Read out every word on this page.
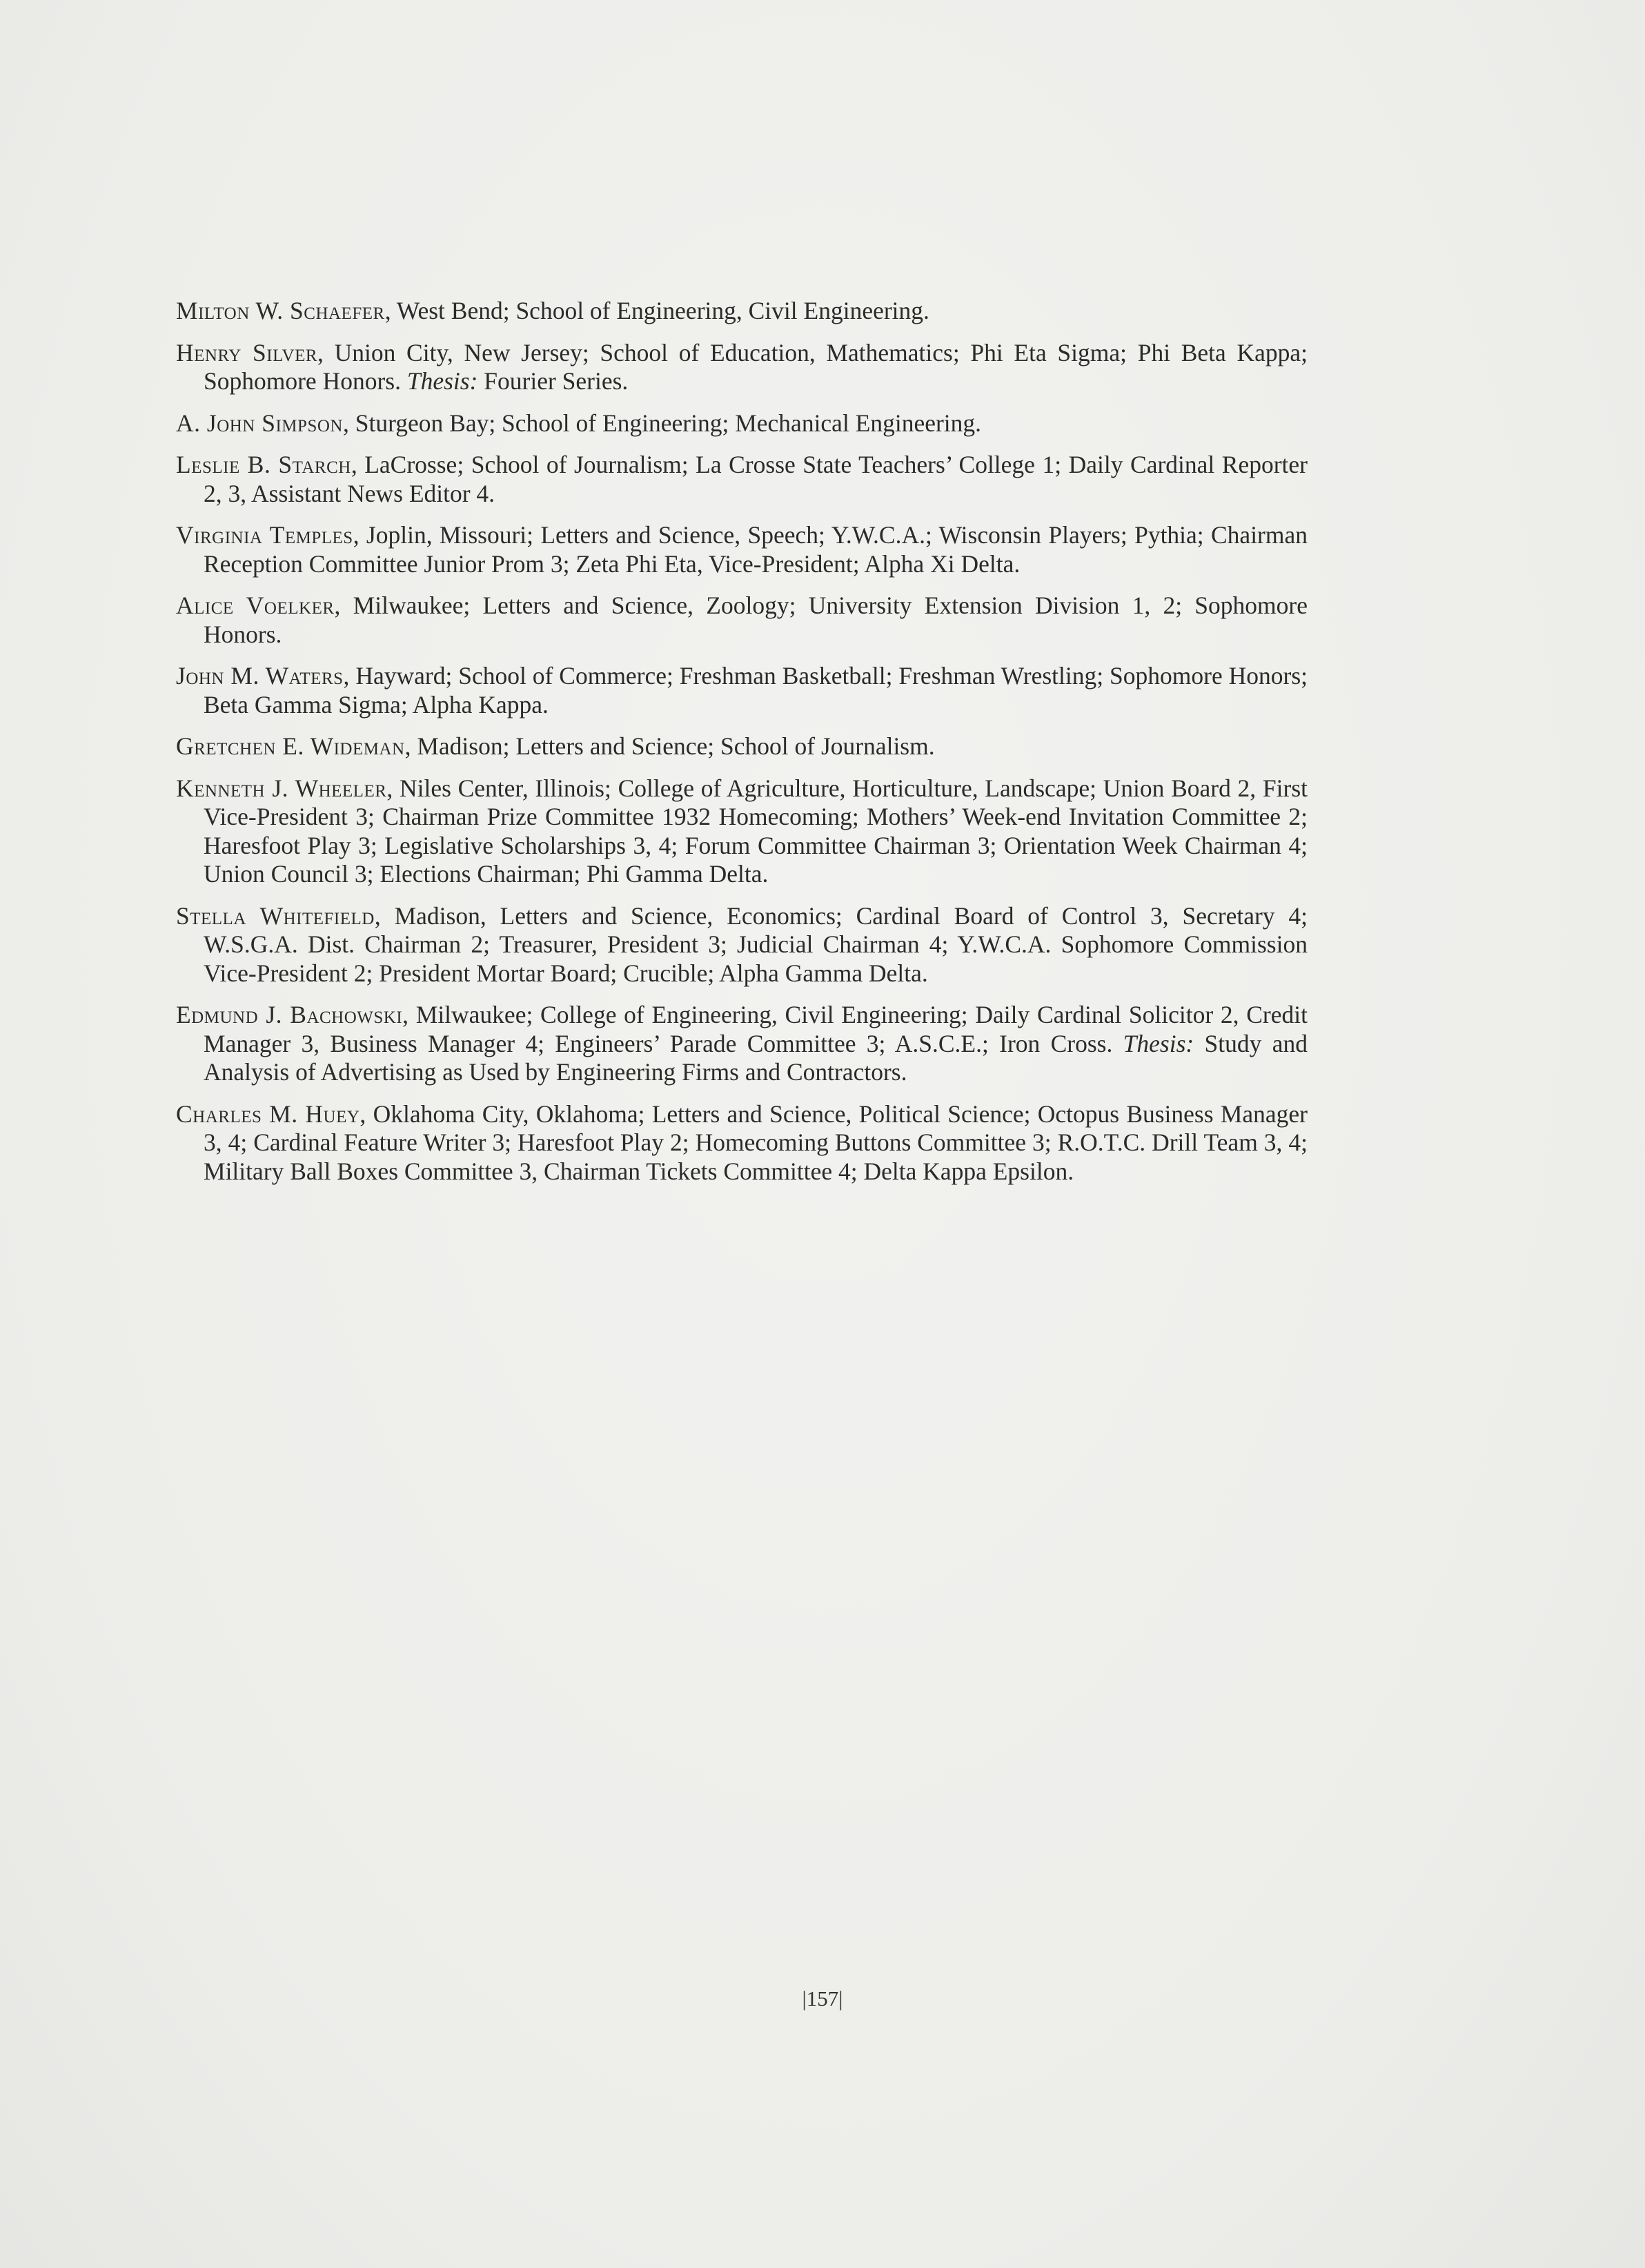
Milton W. Schaefer, West Bend; School of Engineering, Civil Engineering.

Henry Silver, Union City, New Jersey; School of Education, Mathematics; Phi Eta Sigma; Phi Beta Kappa; Sophomore Honors. Thesis: Fourier Series.

A. John Simpson, Sturgeon Bay; School of Engineering; Mechanical Engineering.

Leslie B. Starch, LaCrosse; School of Journalism; La Crosse State Teachers’ College 1; Daily Cardinal Reporter 2, 3, Assistant News Editor 4.

Virginia Temples, Joplin, Missouri; Letters and Science, Speech; Y.W.C.A.; Wisconsin Players; Pythia; Chairman Reception Committee Junior Prom 3; Zeta Phi Eta, Vice-President; Alpha Xi Delta.

Alice Voelker, Milwaukee; Letters and Science, Zoology; University Extension Division 1, 2; Sophomore Honors.

John M. Waters, Hayward; School of Commerce; Freshman Basketball; Freshman Wrestling; Sophomore Honors; Beta Gamma Sigma; Alpha Kappa.

Gretchen E. Wideman, Madison; Letters and Science; School of Journalism.

Kenneth J. Wheeler, Niles Center, Illinois; College of Agriculture, Horticulture, Landscape; Union Board 2, First Vice-President 3; Chairman Prize Committee 1932 Homecoming; Mothers’ Week-end Invitation Committee 2; Haresfoot Play 3; Legislative Scholarships 3, 4; Forum Committee Chairman 3; Orientation Week Chairman 4; Union Council 3; Elections Chairman; Phi Gamma Delta.

Stella Whitefield, Madison, Letters and Science, Economics; Cardinal Board of Control 3, Secretary 4; W.S.G.A. Dist. Chairman 2; Treasurer, President 3; Judicial Chairman 4; Y.W.C.A. Sophomore Commission Vice-President 2; President Mortar Board; Crucible; Alpha Gamma Delta.

Edmund J. Bachowski, Milwaukee; College of Engineering, Civil Engineering; Daily Cardinal Solicitor 2, Credit Manager 3, Business Manager 4; Engineers’ Parade Committee 3; A.S.C.E.; Iron Cross. Thesis: Study and Analysis of Advertising as Used by Engineering Firms and Contractors.

Charles M. Huey, Oklahoma City, Oklahoma; Letters and Science, Political Science; Octopus Business Manager 3, 4; Cardinal Feature Writer 3; Haresfoot Play 2; Homecoming Buttons Committee 3; R.O.T.C. Drill Team 3, 4; Military Ball Boxes Committee 3, Chairman Tickets Committee 4; Delta Kappa Epsilon.

|157|
